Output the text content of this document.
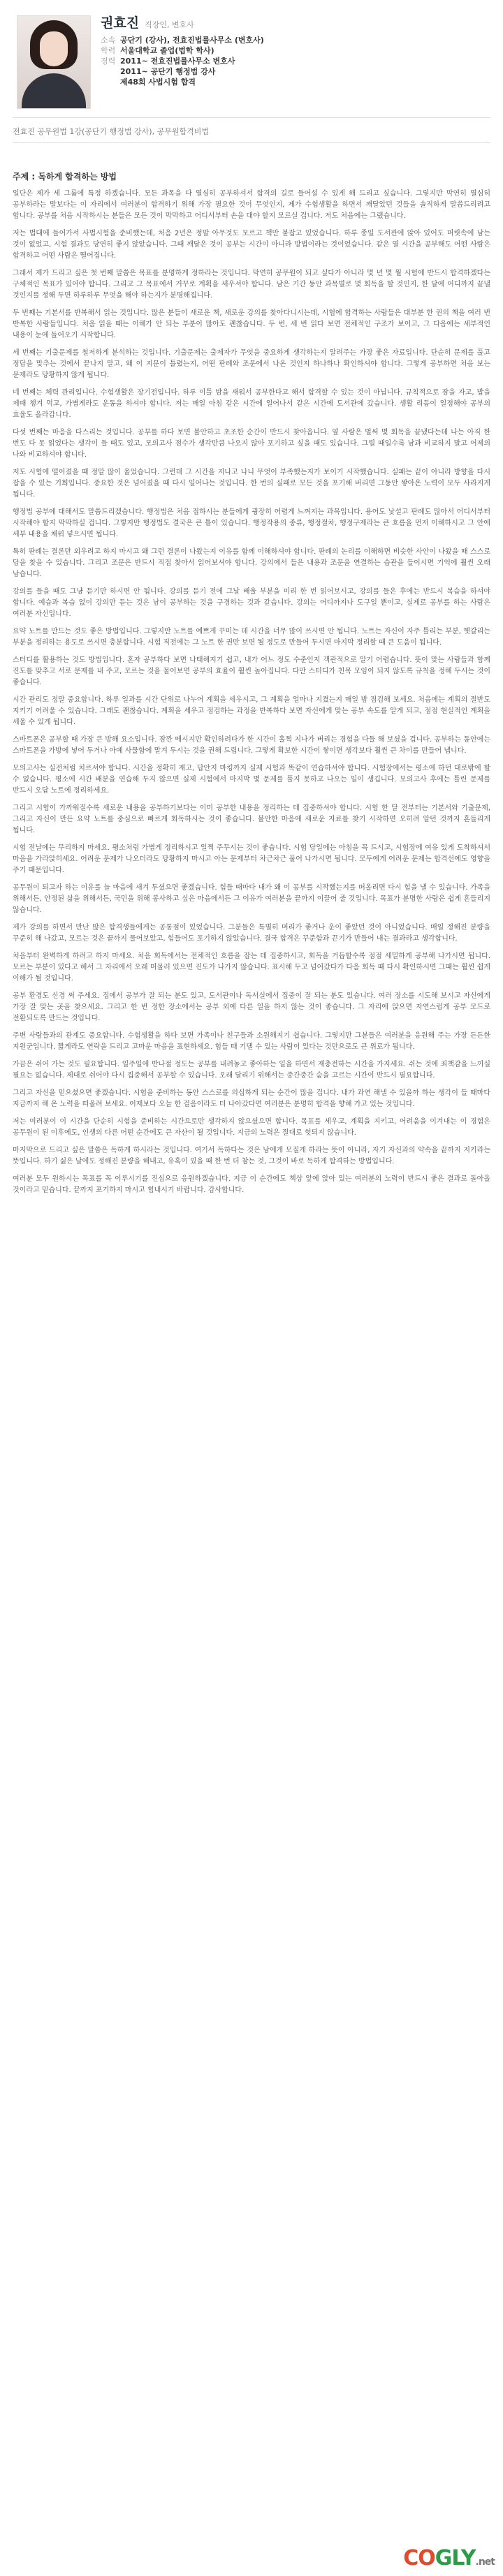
권효진 직장인, 변호사
소속 공단기 (강사), 전효진법률사무소 (변호사)
학력 서울대학교 졸업(법학 학사)
경력 2011~ 전효진법률사무소 변호사
2011~ 공단기 행정법 강사
제48회 사법시험 합격
전효진 공무원법 1강(공단기 행정법 강사), 공무원합격비법
주제 : 독하게 합격하는 방법

일단은 제가 세 그룹에 특정 하겠습니다. 모든 과목을 다 열심히 공부하셔서 합격의 길로 들어설 수 있게 해 드리고 싶습니다. 그렇지만 막연히 열심히 공부하라는 말보다는 이 자리에서 여러분이 합격하기 위해 가장 필요한 것이 무엇인지, 제가 수험생활을 하면서 깨달았던 것들을 솔직하게 말씀드리려고 합니다. 공부를 처음 시작하시는 분들은 모든 것이 막막하고 어디서부터 손을 대야 할지 모르실 겁니다. 저도 처음에는 그랬습니다.

저는 법대에 들어가서 사법시험을 준비했는데, 처음 2년은 정말 아무것도 모르고 책만 붙잡고 있었습니다. 하루 종일 도서관에 앉아 있어도 머릿속에 남는 것이 없었고, 시험 결과도 당연히 좋지 않았습니다. 그때 깨달은 것이 공부는 시간이 아니라 방법이라는 것이었습니다. 같은 열 시간을 공부해도 어떤 사람은 합격하고 어떤 사람은 떨어집니다.

그래서 제가 드리고 싶은 첫 번째 말씀은 목표를 분명하게 정하라는 것입니다. 막연히 공무원이 되고 싶다가 아니라 몇 년 몇 월 시험에 반드시 합격하겠다는 구체적인 목표가 있어야 합니다. 그리고 그 목표에서 거꾸로 계획을 세우셔야 합니다. 남은 기간 동안 과목별로 몇 회독을 할 것인지, 한 달에 어디까지 끝낼 것인지를 정해 두면 하루하루 무엇을 해야 하는지가 분명해집니다.

두 번째는 기본서를 반복해서 읽는 것입니다. 많은 분들이 새로운 책, 새로운 강의를 찾아다니시는데, 시험에 합격하는 사람들은 대부분 한 권의 책을 여러 번 반복한 사람들입니다. 처음 읽을 때는 이해가 안 되는 부분이 많아도 괜찮습니다. 두 번, 세 번 읽다 보면 전체적인 구조가 보이고, 그 다음에는 세부적인 내용이 눈에 들어오기 시작합니다.

세 번째는 기출문제를 철저하게 분석하는 것입니다. 기출문제는 출제자가 무엇을 중요하게 생각하는지 알려주는 가장 좋은 자료입니다. 단순히 문제를 풀고 정답을 맞추는 것에서 끝나지 말고, 왜 이 지문이 틀렸는지, 어떤 판례와 조문에서 나온 것인지 하나하나 확인하셔야 합니다. 그렇게 공부하면 처음 보는 문제라도 당황하지 않게 됩니다.

네 번째는 체력 관리입니다. 수험생활은 장기전입니다. 하루 이틀 밤을 새워서 공부한다고 해서 합격할 수 있는 것이 아닙니다. 규칙적으로 잠을 자고, 밥을 제때 챙겨 먹고, 가볍게라도 운동을 하셔야 합니다. 저는 매일 아침 같은 시간에 일어나서 같은 시간에 도서관에 갔습니다. 생활 리듬이 일정해야 공부의 효율도 올라갑니다.

다섯 번째는 마음을 다스리는 것입니다. 공부를 하다 보면 불안하고 초조한 순간이 반드시 찾아옵니다. 옆 사람은 벌써 몇 회독을 끝냈다는데 나는 아직 한 번도 다 못 읽었다는 생각이 들 때도 있고, 모의고사 점수가 생각만큼 나오지 않아 포기하고 싶을 때도 있습니다. 그럴 때일수록 남과 비교하지 말고 어제의 나와 비교하셔야 합니다.

저도 시험에 떨어졌을 때 정말 많이 울었습니다. 그런데 그 시간을 지나고 나니 무엇이 부족했는지가 보이기 시작했습니다. 실패는 끝이 아니라 방향을 다시 잡을 수 있는 기회입니다. 중요한 것은 넘어졌을 때 다시 일어나는 것입니다. 한 번의 실패로 모든 것을 포기해 버리면 그동안 쌓아온 노력이 모두 사라지게 됩니다.

행정법 공부에 대해서도 말씀드리겠습니다. 행정법은 처음 접하시는 분들에게 굉장히 어렵게 느껴지는 과목입니다. 용어도 낯설고 판례도 많아서 어디서부터 시작해야 할지 막막하실 겁니다. 그렇지만 행정법도 결국은 큰 틀이 있습니다. 행정작용의 종류, 행정절차, 행정구제라는 큰 흐름을 먼저 이해하시고 그 안에 세부 내용을 채워 넣으시면 됩니다.

특히 판례는 결론만 외우려고 하지 마시고 왜 그런 결론이 나왔는지 이유를 함께 이해하셔야 합니다. 판례의 논리를 이해하면 비슷한 사안이 나왔을 때 스스로 답을 찾을 수 있습니다. 그리고 조문은 반드시 직접 찾아서 읽어보셔야 합니다. 강의에서 들은 내용과 조문을 연결하는 습관을 들이시면 기억에 훨씬 오래 남습니다.

강의를 들을 때도 그냥 듣기만 하시면 안 됩니다. 강의를 듣기 전에 그날 배울 부분을 미리 한 번 읽어보시고, 강의를 들은 후에는 반드시 복습을 하셔야 합니다. 예습과 복습 없이 강의만 듣는 것은 남이 공부하는 것을 구경하는 것과 같습니다. 강의는 어디까지나 도구일 뿐이고, 실제로 공부를 하는 사람은 여러분 자신입니다.

요약 노트를 만드는 것도 좋은 방법입니다. 그렇지만 노트를 예쁘게 꾸미는 데 시간을 너무 많이 쓰시면 안 됩니다. 노트는 자신이 자주 틀리는 부분, 헷갈리는 부분을 정리하는 용도로 쓰시면 충분합니다. 시험 직전에는 그 노트 한 권만 보면 될 정도로 만들어 두시면 마지막 정리할 때 큰 도움이 됩니다.

스터디를 활용하는 것도 방법입니다. 혼자 공부하다 보면 나태해지기 쉽고, 내가 어느 정도 수준인지 객관적으로 알기 어렵습니다. 뜻이 맞는 사람들과 함께 진도를 맞추고 서로 문제를 내 주고, 모르는 것을 물어보면 공부의 효율이 훨씬 높아집니다. 다만 스터디가 친목 모임이 되지 않도록 규칙을 정해 두시는 것이 좋습니다.

시간 관리도 정말 중요합니다. 하루 일과를 시간 단위로 나누어 계획을 세우시고, 그 계획을 얼마나 지켰는지 매일 밤 점검해 보세요. 처음에는 계획의 절반도 지키기 어려울 수 있습니다. 그래도 괜찮습니다. 계획을 세우고 점검하는 과정을 반복하다 보면 자신에게 맞는 공부 속도를 알게 되고, 점점 현실적인 계획을 세울 수 있게 됩니다.

스마트폰은 공부할 때 가장 큰 방해 요소입니다. 잠깐 메시지만 확인하려다가 한 시간이 훌쩍 지나가 버리는 경험을 다들 해 보셨을 겁니다. 공부하는 동안에는 스마트폰을 가방에 넣어 두거나 아예 사물함에 맡겨 두시는 것을 권해 드립니다. 그렇게 확보한 시간이 쌓이면 생각보다 훨씬 큰 차이를 만들어 냅니다.

모의고사는 실전처럼 치르셔야 합니다. 시간을 정확히 재고, 답안지 마킹까지 실제 시험과 똑같이 연습하셔야 합니다. 시험장에서는 평소에 하던 대로밖에 할 수 없습니다. 평소에 시간 배분을 연습해 두지 않으면 실제 시험에서 마지막 몇 문제를 풀지 못하고 나오는 일이 생깁니다. 모의고사 후에는 틀린 문제를 반드시 오답 노트에 정리하세요.

그리고 시험이 가까워질수록 새로운 내용을 공부하기보다는 이미 공부한 내용을 정리하는 데 집중하셔야 합니다. 시험 한 달 전부터는 기본서와 기출문제, 그리고 자신이 만든 요약 노트를 중심으로 빠르게 회독하시는 것이 좋습니다. 불안한 마음에 새로운 자료를 찾기 시작하면 오히려 알던 것까지 흔들리게 됩니다.

시험 전날에는 무리하지 마세요. 평소처럼 가볍게 정리하시고 일찍 주무시는 것이 좋습니다. 시험 당일에는 아침을 꼭 드시고, 시험장에 여유 있게 도착하셔서 마음을 가라앉히세요. 어려운 문제가 나오더라도 당황하지 마시고 아는 문제부터 차근차근 풀어 나가시면 됩니다. 모두에게 어려운 문제는 합격선에도 영향을 주기 때문입니다.

공무원이 되고자 하는 이유를 늘 마음에 새겨 두셨으면 좋겠습니다. 힘들 때마다 내가 왜 이 공부를 시작했는지를 떠올리면 다시 힘을 낼 수 있습니다. 가족을 위해서든, 안정된 삶을 위해서든, 국민을 위해 봉사하고 싶은 마음에서든 그 이유가 여러분을 끝까지 이끌어 줄 것입니다. 목표가 분명한 사람은 쉽게 흔들리지 않습니다.

제가 강의를 하면서 만난 많은 합격생들에게는 공통점이 있었습니다. 그분들은 특별히 머리가 좋거나 운이 좋았던 것이 아니었습니다. 매일 정해진 분량을 꾸준히 해 나갔고, 모르는 것은 끝까지 물어보았고, 힘들어도 포기하지 않았습니다. 결국 합격은 꾸준함과 끈기가 만들어 내는 결과라고 생각합니다.

처음부터 완벽하게 하려고 하지 마세요. 처음 회독에서는 전체적인 흐름을 잡는 데 집중하시고, 회독을 거듭할수록 점점 세밀하게 공부해 나가시면 됩니다. 모르는 부분이 있다고 해서 그 자리에서 오래 머물러 있으면 진도가 나가지 않습니다. 표시해 두고 넘어갔다가 다음 회독 때 다시 확인하시면 그때는 훨씬 쉽게 이해가 될 것입니다.

공부 환경도 신경 써 주세요. 집에서 공부가 잘 되는 분도 있고, 도서관이나 독서실에서 집중이 잘 되는 분도 있습니다. 여러 장소를 시도해 보시고 자신에게 가장 잘 맞는 곳을 찾으세요. 그리고 한 번 정한 장소에서는 공부 외에 다른 일을 하지 않는 것이 좋습니다. 그 자리에 앉으면 자연스럽게 공부 모드로 전환되도록 만드는 것입니다.

주변 사람들과의 관계도 중요합니다. 수험생활을 하다 보면 가족이나 친구들과 소원해지기 쉽습니다. 그렇지만 그분들은 여러분을 응원해 주는 가장 든든한 지원군입니다. 짧게라도 연락을 드리고 고마운 마음을 표현하세요. 힘들 때 기댈 수 있는 사람이 있다는 것만으로도 큰 위로가 됩니다.

가끔은 쉬어 가는 것도 필요합니다. 일주일에 반나절 정도는 공부를 내려놓고 좋아하는 일을 하면서 재충전하는 시간을 가지세요. 쉬는 것에 죄책감을 느끼실 필요는 없습니다. 제대로 쉬어야 다시 집중해서 공부할 수 있습니다. 오래 달리기 위해서는 중간중간 숨을 고르는 시간이 반드시 필요합니다.

그리고 자신을 믿으셨으면 좋겠습니다. 시험을 준비하는 동안 스스로를 의심하게 되는 순간이 많을 겁니다. 내가 과연 해낼 수 있을까 하는 생각이 들 때마다 지금까지 해 온 노력을 떠올려 보세요. 어제보다 오늘 한 걸음이라도 더 나아갔다면 여러분은 분명히 합격을 향해 가고 있는 것입니다.

저는 여러분이 이 시간을 단순히 시험을 준비하는 시간으로만 생각하지 않으셨으면 합니다. 목표를 세우고, 계획을 지키고, 어려움을 이겨내는 이 경험은 공무원이 된 이후에도, 인생의 다른 어떤 순간에도 큰 자산이 될 것입니다. 지금의 노력은 절대로 헛되지 않습니다.

마지막으로 드리고 싶은 말씀은 독하게 하시라는 것입니다. 여기서 독하다는 것은 남에게 모질게 하라는 뜻이 아니라, 자기 자신과의 약속을 끝까지 지키라는 뜻입니다. 하기 싫은 날에도 정해진 분량을 해내고, 유혹이 있을 때 한 번 더 참는 것, 그것이 바로 독하게 합격하는 방법입니다.

여러분 모두 원하시는 목표를 꼭 이루시기를 진심으로 응원하겠습니다. 지금 이 순간에도 책상 앞에 앉아 있는 여러분의 노력이 반드시 좋은 결과로 돌아올 것이라고 믿습니다. 끝까지 포기하지 마시고 힘내시기 바랍니다. 감사합니다.

COGLY.net
